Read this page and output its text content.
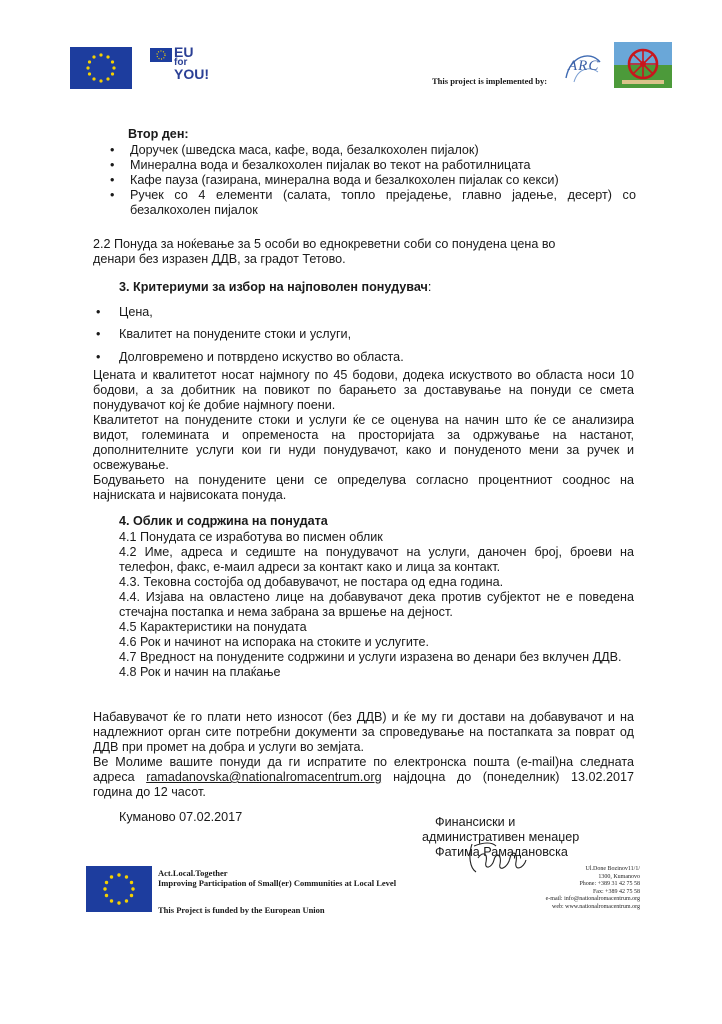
EU
for
YOU!	This project is implemented by:
ARC
Втор ден:
• Доручек (шведска маса, кафе, вода, безалкохолен пијалок)
• Минерална вода и безалкохолен пијалак во текот на работилницата
• Кафе пауза (газирана, минерална вода и безалкохолен пијалак со кекси)
• Ручек со 4 елементи (салата, топло прејадење, главно јадење, десерт) со безалкохолен пијалок
2.2 Понуда за ноќевање за 5 особи во еднокреветни соби со понудена цена во
денари без изразен ДДВ, за градот Тетово.
3. Критериуми за избор на најповолен понудувач:
• Цена,
• Квалитет на понудените стоки и услуги,
• Долговремено и потврдено искуство во областа.
Цената и квалитетот носат најмногу по 45 бодови, додека искуството во областа носи 10 бодови, а за добитник на повикот по барањето за доставување на понуди се смета понудувачот кој ќе добие најмногу поени.
Квалитетот на понудените стоки и услуги ќе се оценува на начин што ќе се анализира видот, големината и опременоста на просторијата за одржување на настанот, дополнителните услуги кои ги нуди понудувачот, како и понуденото мени за ручек и освежување.
Бодувањето на понудените цени се определува согласно процентниот сооднос на најниската и највисоката понуда.
4. Облик и содржина на понудата
4.1 Понудата се изработува во писмен облик
4.2 Име, адреса и седиште на понудувачот на услуги, даночен број, броеви на телефон, факс, е-маил адреси за контакт како и лица за контакт.
4.3. Тековна состојба од добавувачот, не постара од една година.
4.4. Изјава на овластено лице на добавувачот дека против субјектот не е поведена стечајна постапка и нема забрана за вршење на дејност.
4.5 Карактеристики на понудата
4.6 Рок и начинот на испорака на стоките и услугите.
4.7 Вредност на понудените содржини и услуги изразена во денари без вклучен ДДВ.
4.8 Рок и начин на плаќање
Набавувачот ќе го плати нето износот (без ДДВ) и ќе му ги достави на добавувачот и на надлежниот орган сите потребни документи за спроведување на постапката за поврат од ДДВ при промет на добра и услуги во земјата.
Ве Молиме вашите понуди да ги испратите по електронска пошта (e-mail)на следната адреса ramadanovska@nationalromacentrum.org најдоцна до (понеделник) 13.02.2017 година до 12 часот.
Куманово 07.02.2017	Финансиски и
административен менаџер
Фатима Рамадановска
Act.Local.Together
Improving Participation of Small(er) Communities at Local Level
This Project is funded by the European Union
Ul.Done Bozinov11/1/
1300, Kumanovo
Phone: +389 31 42 75 58
Fax: +389 42 75 58
e-mail: info@nationalromacentrum.org
web: www.nationalromacentrum.org
